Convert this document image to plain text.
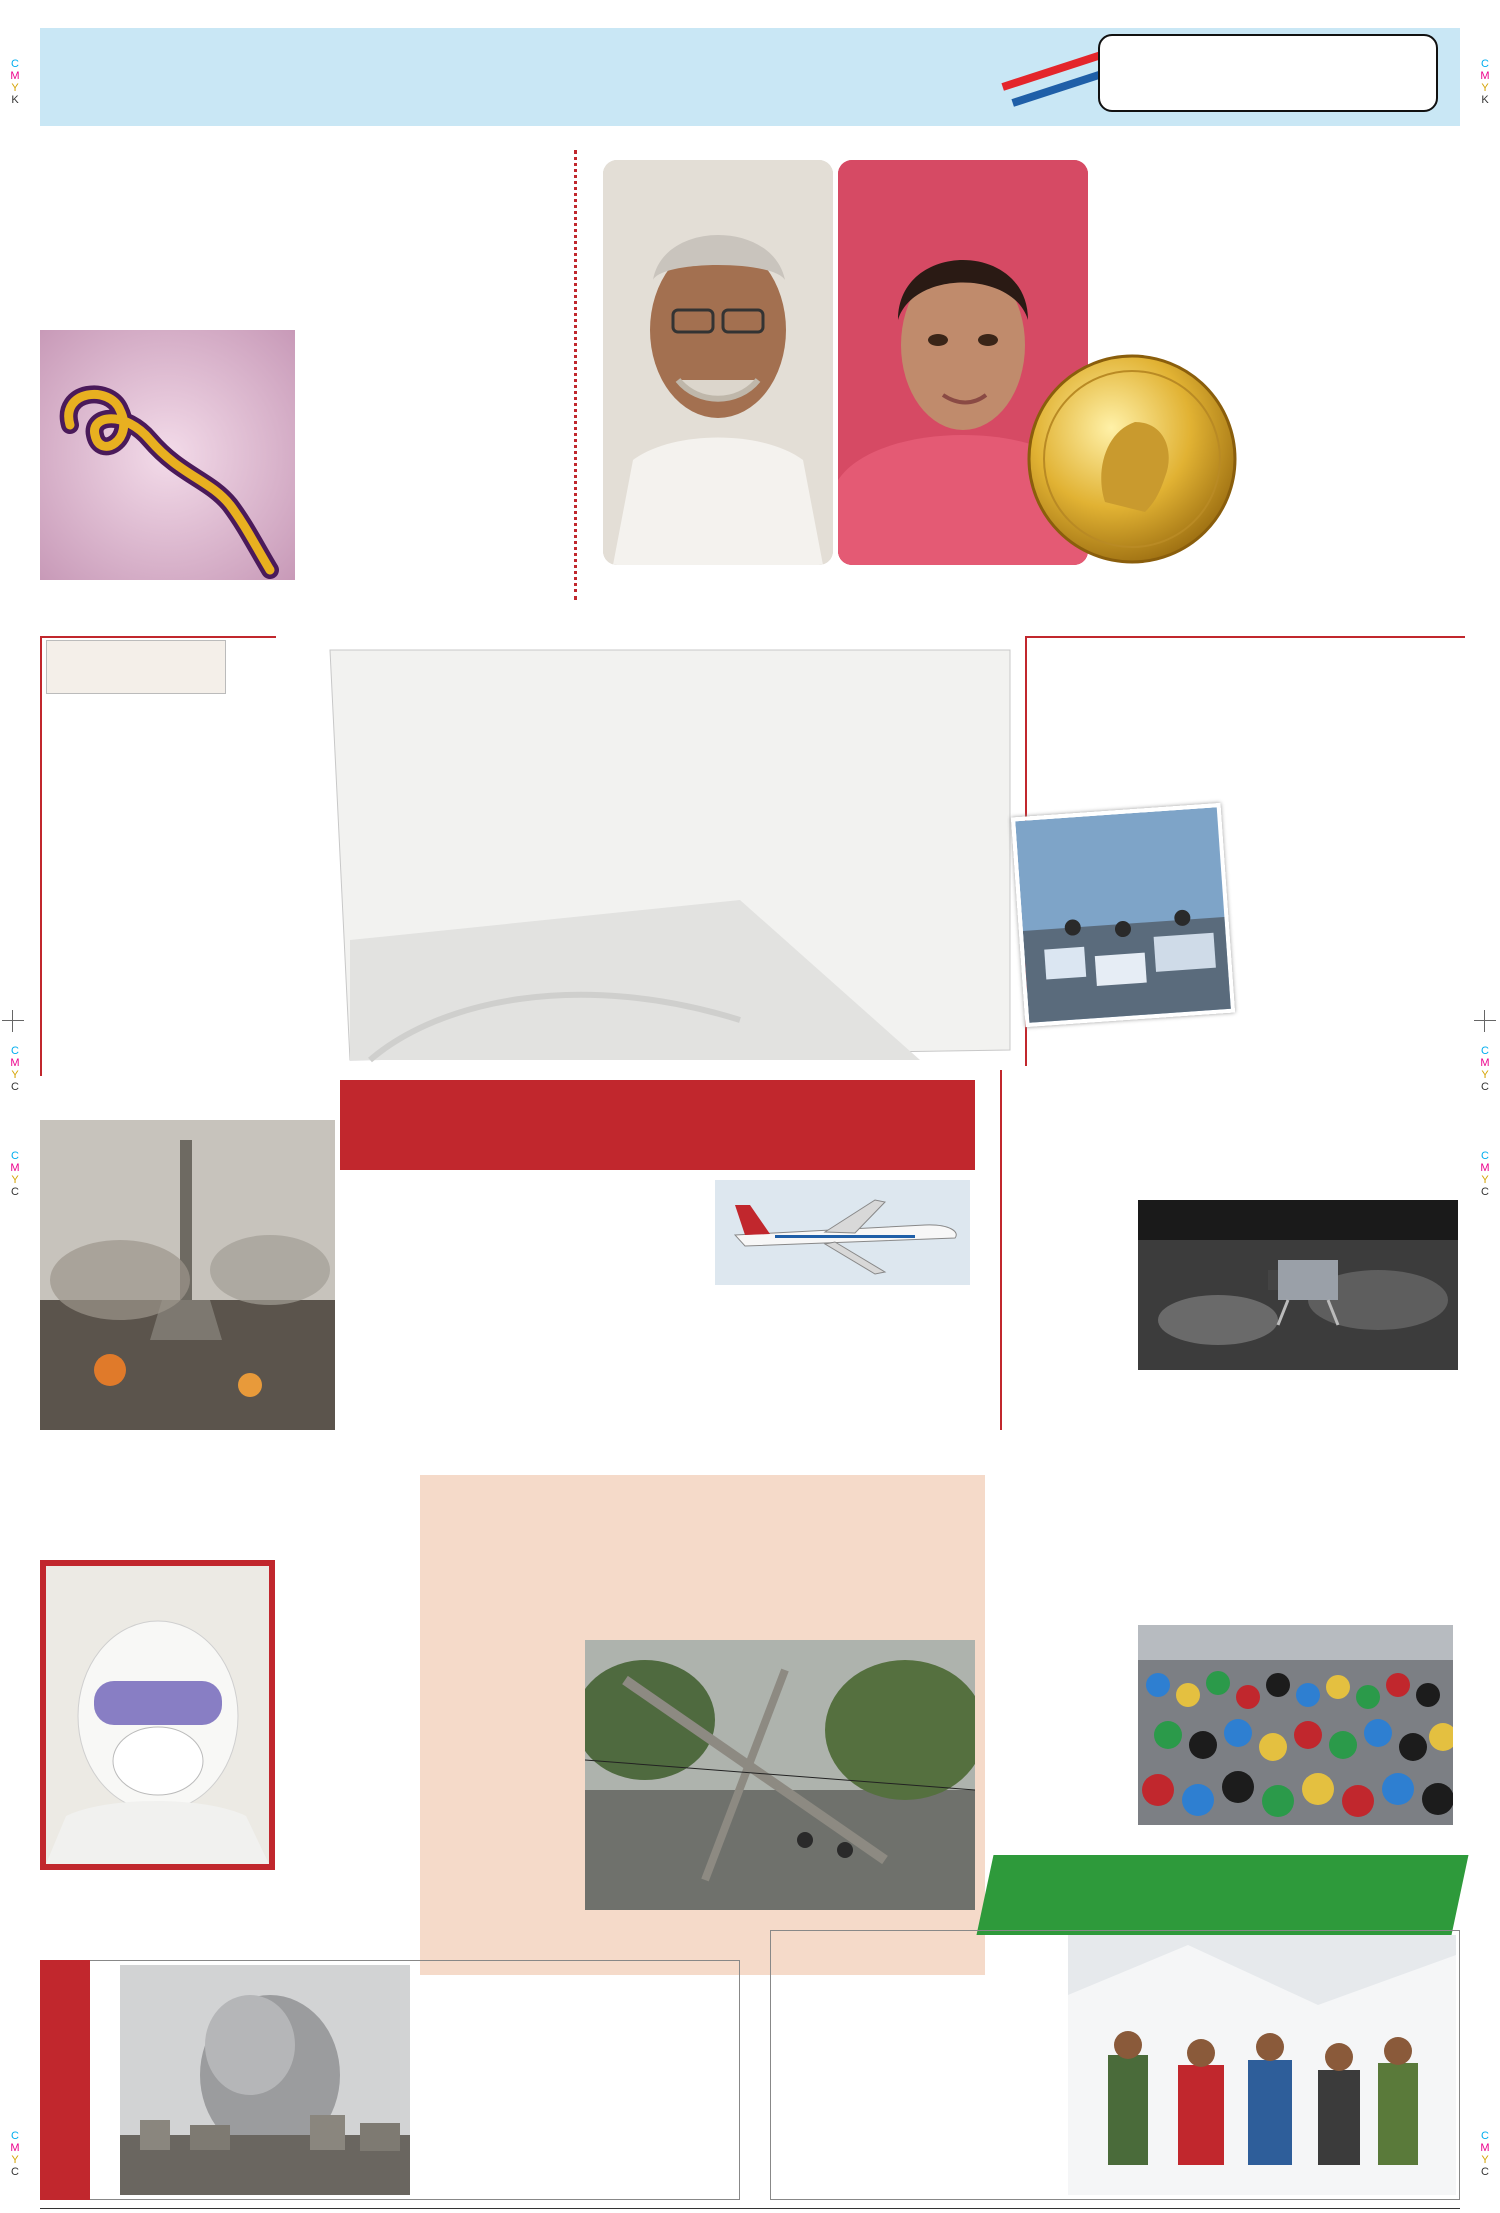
C
M
Y
K
C
M
Y
K
C
M
Y
C
C
M
Y
C
C
M
Y
C
C
M
Y
C
C
M
Y
C
C
M
Y
C
